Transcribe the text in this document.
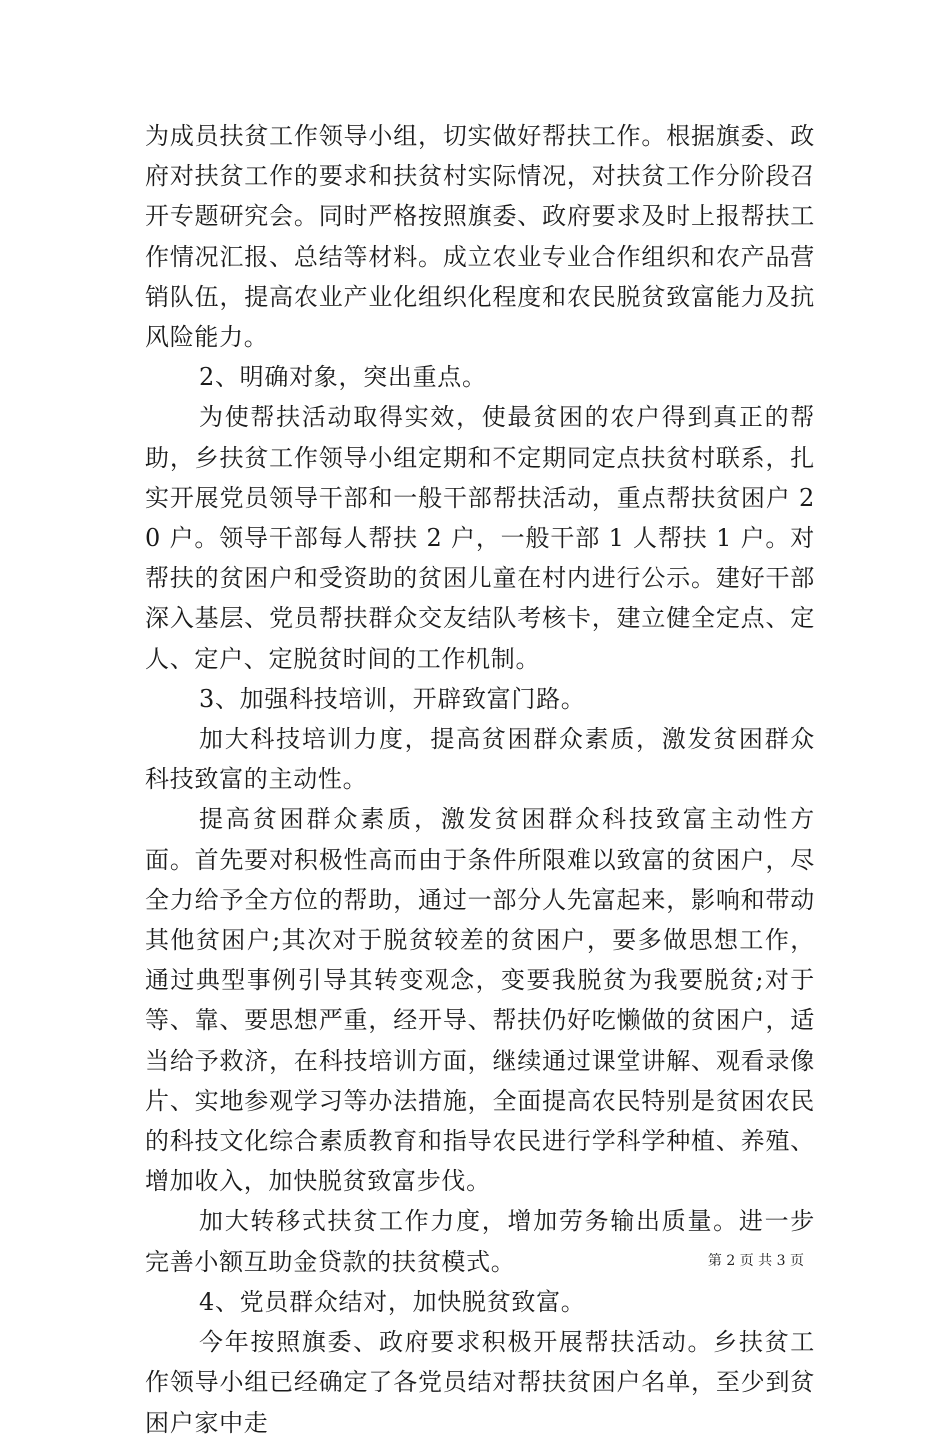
为成员扶贫工作领导小组，切实做好帮扶工作。根据旗委、政府对扶贫工作的要求和扶贫村实际情况，对扶贫工作分阶段召开专题研究会。同时严格按照旗委、政府要求及时上报帮扶工作情况汇报、总结等材料。成立农业专业合作组织和农产品营销队伍，提高农业产业化组织化程度和农民脱贫致富能力及抗风险能力。

2、明确对象，突出重点。

为使帮扶活动取得实效，使最贫困的农户得到真正的帮助，乡扶贫工作领导小组定期和不定期同定点扶贫村联系，扎实开展党员领导干部和一般干部帮扶活动，重点帮扶贫困户 20 户。领导干部每人帮扶 2 户，一般干部 1 人帮扶 1 户。对帮扶的贫困户和受资助的贫困儿童在村内进行公示。建好干部深入基层、党员帮扶群众交友结队考核卡，建立健全定点、定人、定户、定脱贫时间的工作机制。

3、加强科技培训，开辟致富门路。

加大科技培训力度，提高贫困群众素质，激发贫困群众科技致富的主动性。

提高贫困群众素质，激发贫困群众科技致富主动性方面。首先要对积极性高而由于条件所限难以致富的贫困户，尽全力给予全方位的帮助，通过一部分人先富起来，影响和带动其他贫困户;其次对于脱贫较差的贫困户，要多做思想工作，通过典型事例引导其转变观念，变要我脱贫为我要脱贫;对于等、靠、要思想严重，经开导、帮扶仍好吃懒做的贫困户，适当给予救济，在科技培训方面，继续通过课堂讲解、观看录像片、实地参观学习等办法措施，全面提高农民特别是贫困农民的科技文化综合素质教育和指导农民进行学科学种植、养殖、增加收入，加快脱贫致富步伐。

加大转移式扶贫工作力度，增加劳务输出质量。进一步完善小额互助金贷款的扶贫模式。

4、党员群众结对，加快脱贫致富。

今年按照旗委、政府要求积极开展帮扶活动。乡扶贫工作领导小组已经确定了各党员结对帮扶贫困户名单，至少到贫困户家中走

第 2 页 共 3 页
